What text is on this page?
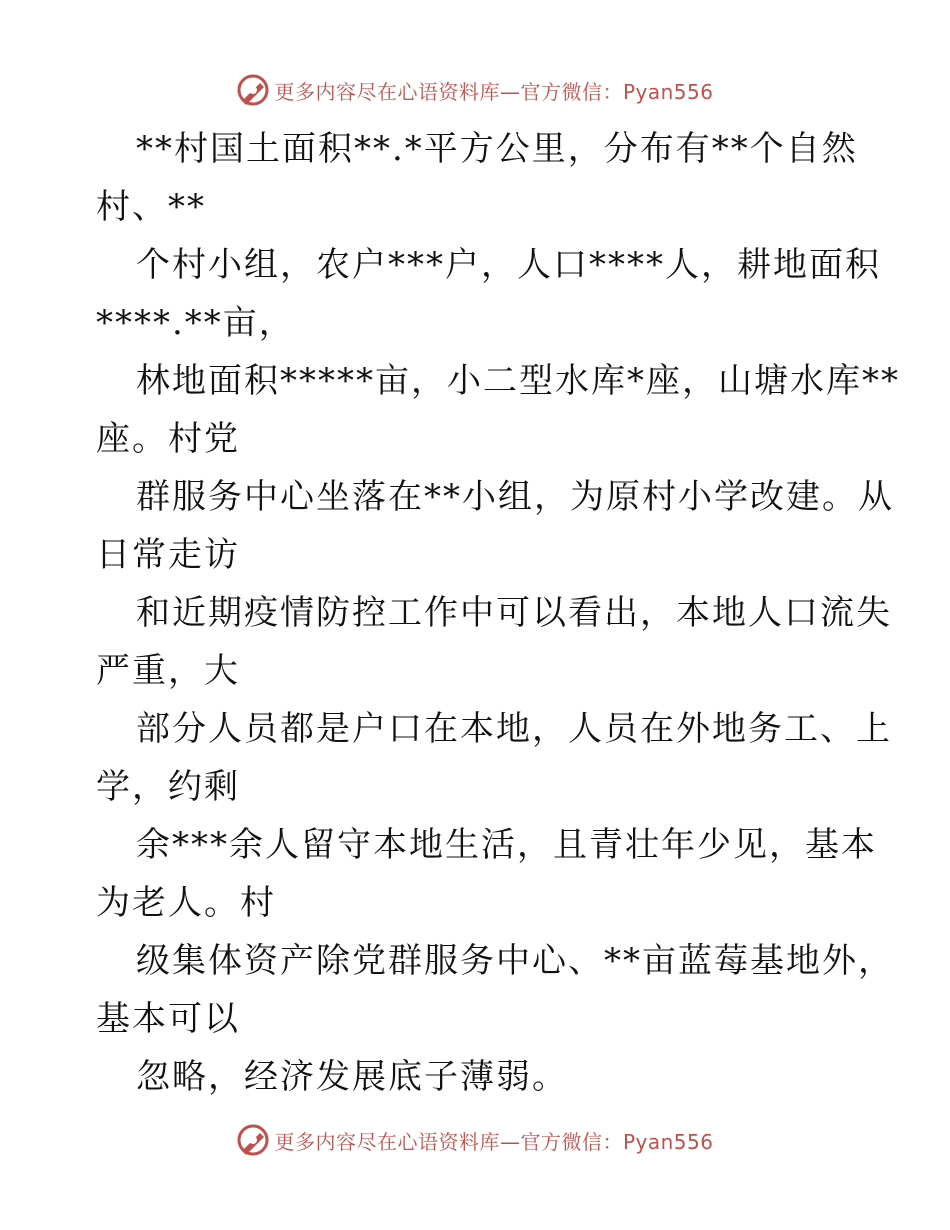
更多内容尽在心语资料库—官方微信：Pyan556
**村国土面积**.*平方公里，分布有**个自然
村、**
个村小组，农户***户，人口****人，耕地面积
****.**亩，
林地面积*****亩，小二型水库*座，山塘水库**
座。村党
群服务中心坐落在**小组，为原村小学改建。从
日常走访
和近期疫情防控工作中可以看出，本地人口流失
严重，大
部分人员都是户口在本地，人员在外地务工、上
学，约剩
余***余人留守本地生活，且青壮年少见，基本
为老人。村
级集体资产除党群服务中心、**亩蓝莓基地外，
基本可以
忽略，经济发展底子薄弱。
更多内容尽在心语资料库—官方微信：Pyan556
